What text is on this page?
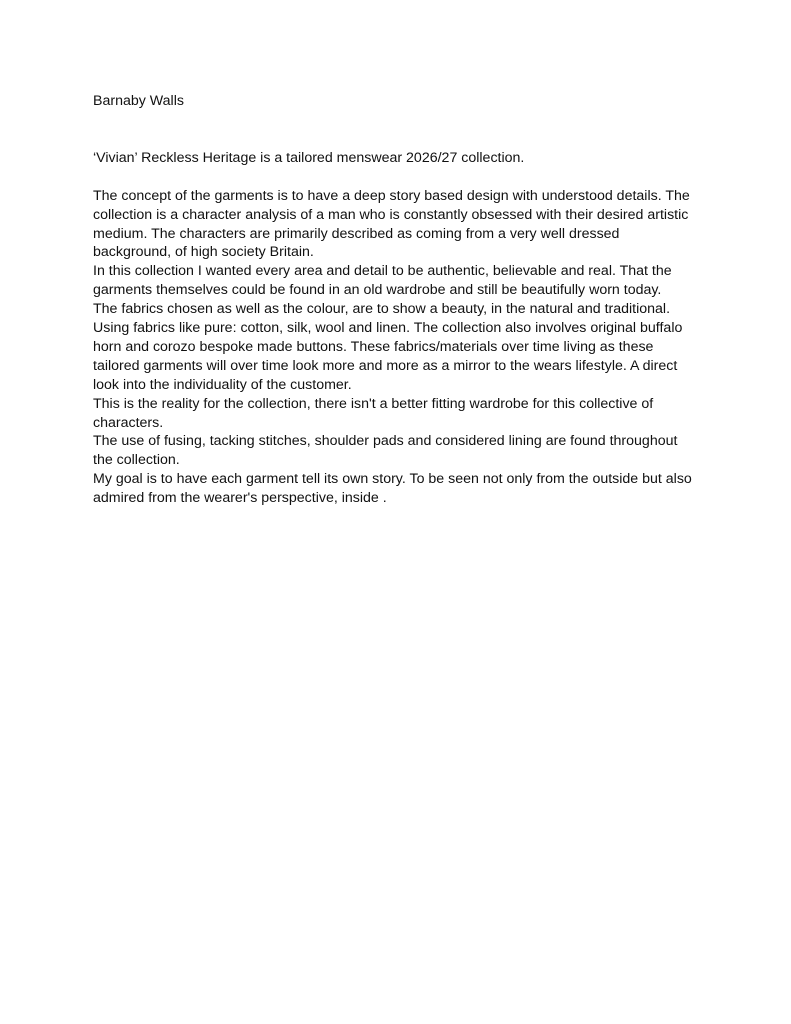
Barnaby Walls

‘Vivian’ Reckless Heritage is a tailored menswear 2026/27 collection.

The concept of the garments is to have a deep story based design with understood details. The collection is a character analysis of a man who is constantly obsessed with their desired artistic medium. The characters are primarily described as coming from a very well dressed background, of high society Britain.

In this collection I wanted every area and detail to be authentic, believable and real. That the garments themselves could be found in an old wardrobe and still be beautifully worn today.

The fabrics chosen as well as the colour, are to show a beauty, in the natural and traditional. Using fabrics like pure: cotton, silk, wool and linen. The collection also involves original buffalo horn and corozo bespoke made buttons. These fabrics/materials over time living as these tailored garments will over time look more and more as a mirror to the wears lifestyle. A direct look into the individuality of the customer.

This is the reality for the collection, there isn't a better fitting wardrobe for this collective of characters.

The use of fusing, tacking stitches, shoulder pads and considered lining are found throughout the collection.

My goal is to have each garment tell its own story. To be seen not only from the outside but also admired from the wearer's perspective, inside .
